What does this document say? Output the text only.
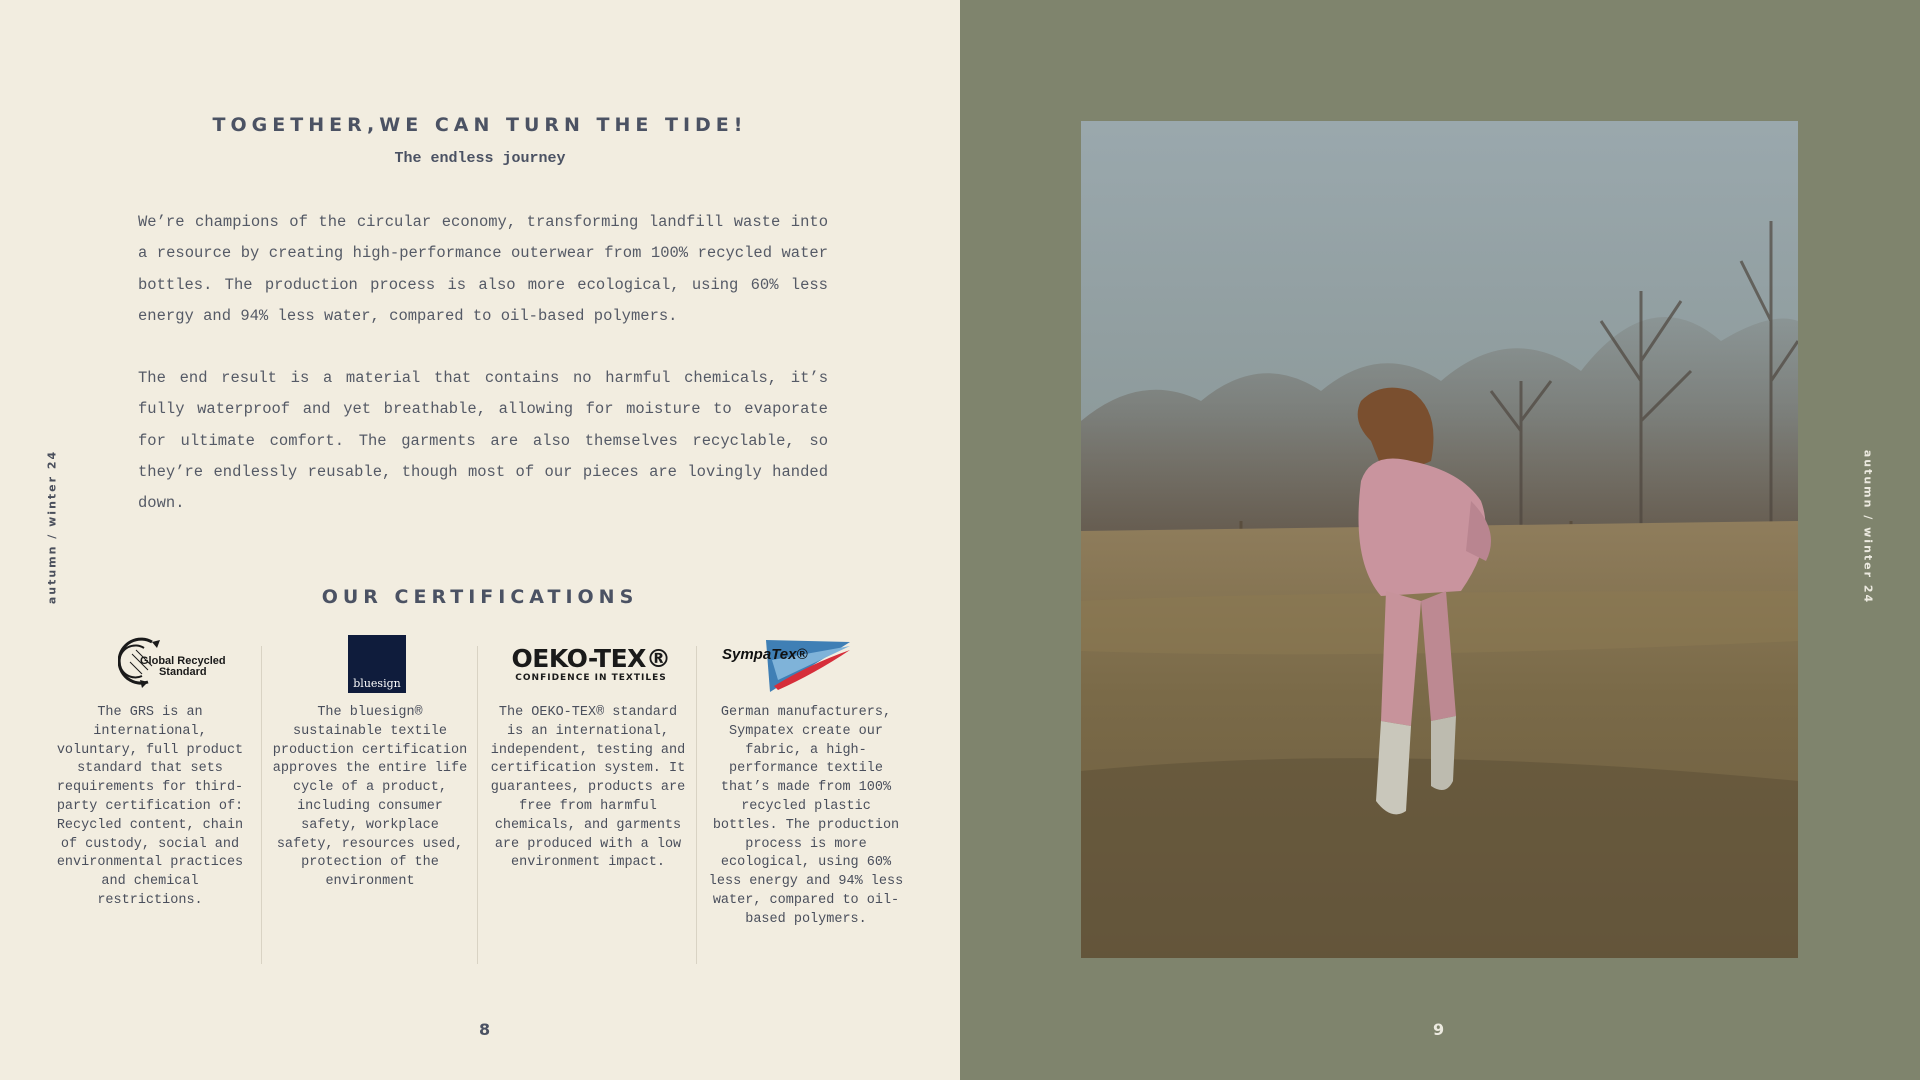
autumn / winter 24	autumn / winter 24
TOGETHER,WE CAN TURN THE TIDE!
The endless journey

We’re champions of the circular economy, transforming landfill waste into a resource by creating high-performance outerwear from 100% recycled water bottles. The production process is also more ecological, using 60% less energy and 94% less water, compared to oil-based polymers.

The end result is a material that contains no harmful chemicals, it’s fully waterproof and yet breathable, allowing for moisture to evaporate for ultimate comfort. The garments are also themselves recyclable, so they’re endlessly reusable, though most of our pieces are lovingly handed down.

OUR CERTIFICATIONS
Global Recycled
Standard
bluesign
OEKO-TEX®
CONFIDENCE IN TEXTILES
SympaTex®

The GRS is an international, voluntary, full product standard that sets requirements for third-party certification of: Recycled content, chain of custody, social and environmental practices and chemical restrictions.

The bluesign® sustainable textile production certification approves the entire life cycle of a product, including consumer safety, workplace safety, resources used, protection of the environment

The OEKO-TEX® standard is an international, independent, testing and certification system. It guarantees, products are free from harmful chemicals, and garments are produced with a low environment impact.

German manufacturers, Sympatex create our fabric, a high-performance textile that’s made from 100% recycled plastic bottles. The production process is more ecological, using 60% less energy and 94% less water, compared to oil-based polymers.

8	9
